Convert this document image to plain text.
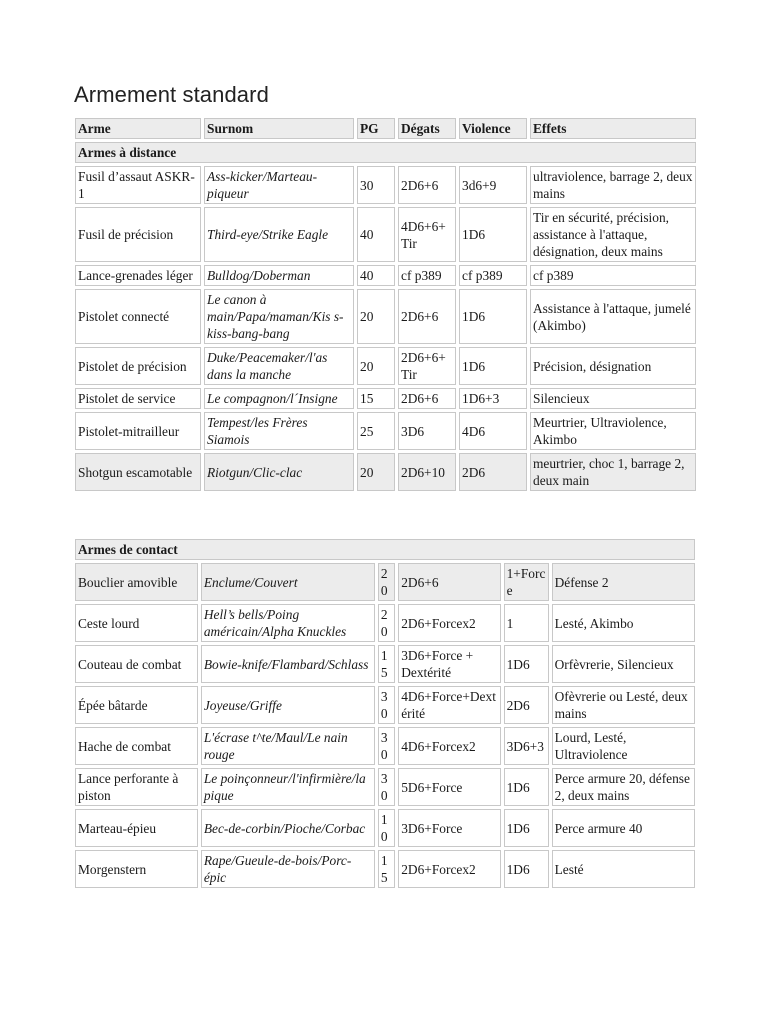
Armement standard
Arme	Surnom	PG	Dégats	Violence	Effets
Armes à distance					
Fusil d’assaut ASKR-1	Ass-kicker/Marteau-piqueur	30	2D6+6	3d6+9	ultraviolence, barrage 2, deux mains
Fusil de précision	Third-eye/Strike Eagle	40	4D6+6+ Tir	1D6	Tir en sécurité, précision, assistance à l'attaque, désignation, deux mains
Lance-grenades léger	Bulldog/Doberman	40	cf p389	cf p389	cf p389
Pistolet connecté	Le canon à main/Papa/maman/Kis s-kiss-bang-bang	20	2D6+6	1D6	Assistance à l'attaque, jumelé (Akimbo)
Pistolet de précision	Duke/Peacemaker/l'as dans la manche	20	2D6+6+ Tir	1D6	Précision, désignation
Pistolet de service	Le compagnon/l´Insigne	15	2D6+6	1D6+3	Silencieux
Pistolet-mitrailleur	Tempest/les Frères Siamois	25	3D6	4D6	Meurtrier, Ultraviolence, Akimbo
Shotgun escamotable	Riotgun/Clic-clac	20	2D6+10	2D6	meurtrier, choc 1, barrage 2, deux main
Armes de contact					
Bouclier amovible	Enclume/Couvert	20	2D6+6	1+Force	Défense 2
Ceste lourd	Hell’s bells/Poing américain/Alpha Knuckles	20	2D6+Forcex2	1	Lesté, Akimbo
Couteau de combat	Bowie-knife/Flambard/Schlass	15	3D6+Force + Dextérité	1D6	Orfèvrerie, Silencieux
Épée bâtarde	Joyeuse/Griffe	30	4D6+Force+Dextérité	2D6	Ofèvrerie ou Lesté, deux mains
Hache de combat	L'écrase t^te/Maul/Le nain rouge	30	4D6+Forcex2	3D6+3	Lourd, Lesté, Ultraviolence
Lance perforante à piston	Le poinçonneur/l'infirmière/la pique	30	5D6+Force	1D6	Perce armure 20, défense 2, deux mains
Marteau-épieu	Bec-de-corbin/Pioche/Corbac	10	3D6+Force	1D6	Perce armure 40
Morgenstern	Rape/Gueule-de-bois/Porc-épic	15	2D6+Forcex2	1D6	Lesté
